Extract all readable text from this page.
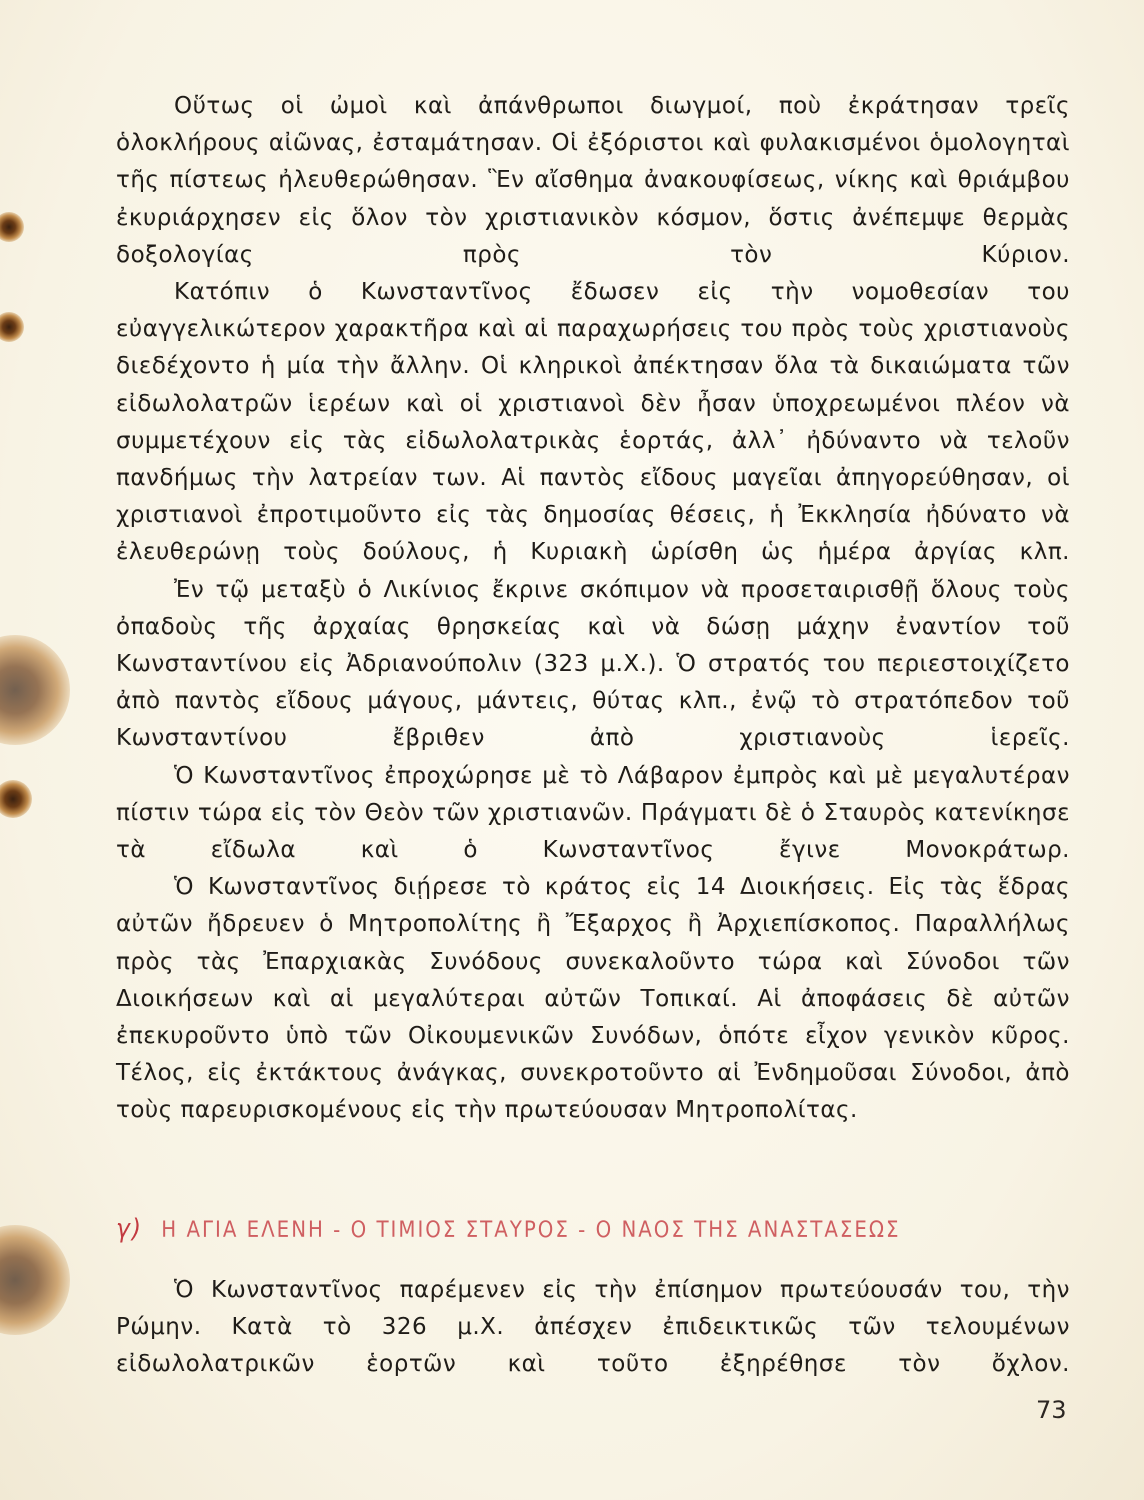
Οὕτως οἱ ὠμοὶ καὶ ἀπάνθρωποι διωγμοί, ποὺ ἐκράτησαν τρεῖς ὁλοκλήρους αἰῶνας, ἐσταμάτησαν. Οἱ ἐξόριστοι καὶ φυλακισμένοι ὁμολογηταὶ τῆς πίστεως ἠλευθερώθησαν. Ἓν αἴσθημα ἀνακουφίσεως, νίκης καὶ θριάμβου ἐκυριάρχησεν εἰς ὅλον τὸν χριστιανικὸν κόσμον, ὅστις ἀνέπεμψε θερμὰς δοξολογίας πρὸς τὸν Κύριον.

Κατόπιν ὁ Κωνσταντῖνος ἔδωσεν εἰς τὴν νομοθεσίαν του εὐαγγελικώτερον χαρακτῆρα καὶ αἱ παραχωρήσεις του πρὸς τοὺς χριστιανοὺς διεδέχοντο ἡ μία τὴν ἄλλην. Οἱ κληρικοὶ ἀπέκτησαν ὅλα τὰ δικαιώματα τῶν εἰδωλολατρῶν ἱερέων καὶ οἱ χριστιανοὶ δὲν ἦσαν ὑποχρεωμένοι πλέον νὰ συμμετέχουν εἰς τὰς εἰδωλολατρικὰς ἑορτάς, ἀλλ᾽ ἠδύναντο νὰ τελοῦν πανδήμως τὴν λατρείαν των. Αἱ παντὸς εἴδους μαγεῖαι ἀπηγορεύθησαν, οἱ χριστιανοὶ ἐπροτιμοῦντο εἰς τὰς δημοσίας θέσεις, ἡ Ἐκκλησία ἠδύνατο νὰ ἐλευθερώνῃ τοὺς δούλους, ἡ Κυριακὴ ὡρίσθη ὡς ἡμέρα ἀργίας κλπ.

Ἐν τῷ μεταξὺ ὁ Λικίνιος ἔκρινε σκόπιμον νὰ προσεταιρισθῇ ὅλους τοὺς ὀπαδοὺς τῆς ἀρχαίας θρησκείας καὶ νὰ δώσῃ μάχην ἐναντίον τοῦ Κωνσταντίνου εἰς Ἀδριανούπολιν (323 μ.Χ.). Ὁ στρατός του περιεστοιχίζετο ἀπὸ παντὸς εἴδους μάγους, μάντεις, θύτας κλπ., ἐνῷ τὸ στρατόπεδον τοῦ Κωνσταντίνου ἔβριθεν ἀπὸ χριστιανοὺς ἱερεῖς.

Ὁ Κωνσταντῖνος ἐπροχώρησε μὲ τὸ Λάβαρον ἐμπρὸς καὶ μὲ μεγαλυτέραν πίστιν τώρα εἰς τὸν Θεὸν τῶν χριστιανῶν. Πράγματι δὲ ὁ Σταυρὸς κατενίκησε τὰ εἴδωλα καὶ ὁ Κωνσταντῖνος ἔγινε Μονοκράτωρ.

Ὁ Κωνσταντῖνος διῄρεσε τὸ κράτος εἰς 14 Διοικήσεις. Εἰς τὰς ἕδρας αὐτῶν ἤδρευεν ὁ Μητροπολίτης ἢ Ἔξαρχος ἢ Ἀρχιεπίσκοπος. Παραλλήλως πρὸς τὰς Ἐπαρχιακὰς Συνόδους συνεκαλοῦντο τώρα καὶ Σύνοδοι τῶν Διοικήσεων καὶ αἱ μεγαλύτεραι αὐτῶν Τοπικαί. Αἱ ἀποφάσεις δὲ αὐτῶν ἐπεκυροῦντο ὑπὸ τῶν Οἰκουμενικῶν Συνόδων, ὁπότε εἶχον γενικὸν κῦρος. Τέλος, εἰς ἐκτάκτους ἀνάγκας, συνεκροτοῦντο αἱ Ἐνδημοῦσαι Σύνοδοι, ἀπὸ τοὺς παρευρισκομένους εἰς τὴν πρωτεύουσαν Μητροπολίτας.

γ) Η ΑΓΙΑ ΕΛΕΝΗ - Ο ΤΙΜΙΟΣ ΣΤΑΥΡΟΣ - Ο ΝΑΟΣ ΤΗΣ ΑΝΑΣΤΑΣΕΩΣ

Ὁ Κωνσταντῖνος παρέμενεν εἰς τὴν ἐπίσημον πρωτεύουσάν του, τὴν Ρώμην. Κατὰ τὸ 326 μ.Χ. ἀπέσχεν ἐπιδεικτικῶς τῶν τελουμένων εἰδωλολατρικῶν ἑορτῶν καὶ τοῦτο ἐξηρέθησε τὸν ὄχλον.

73
